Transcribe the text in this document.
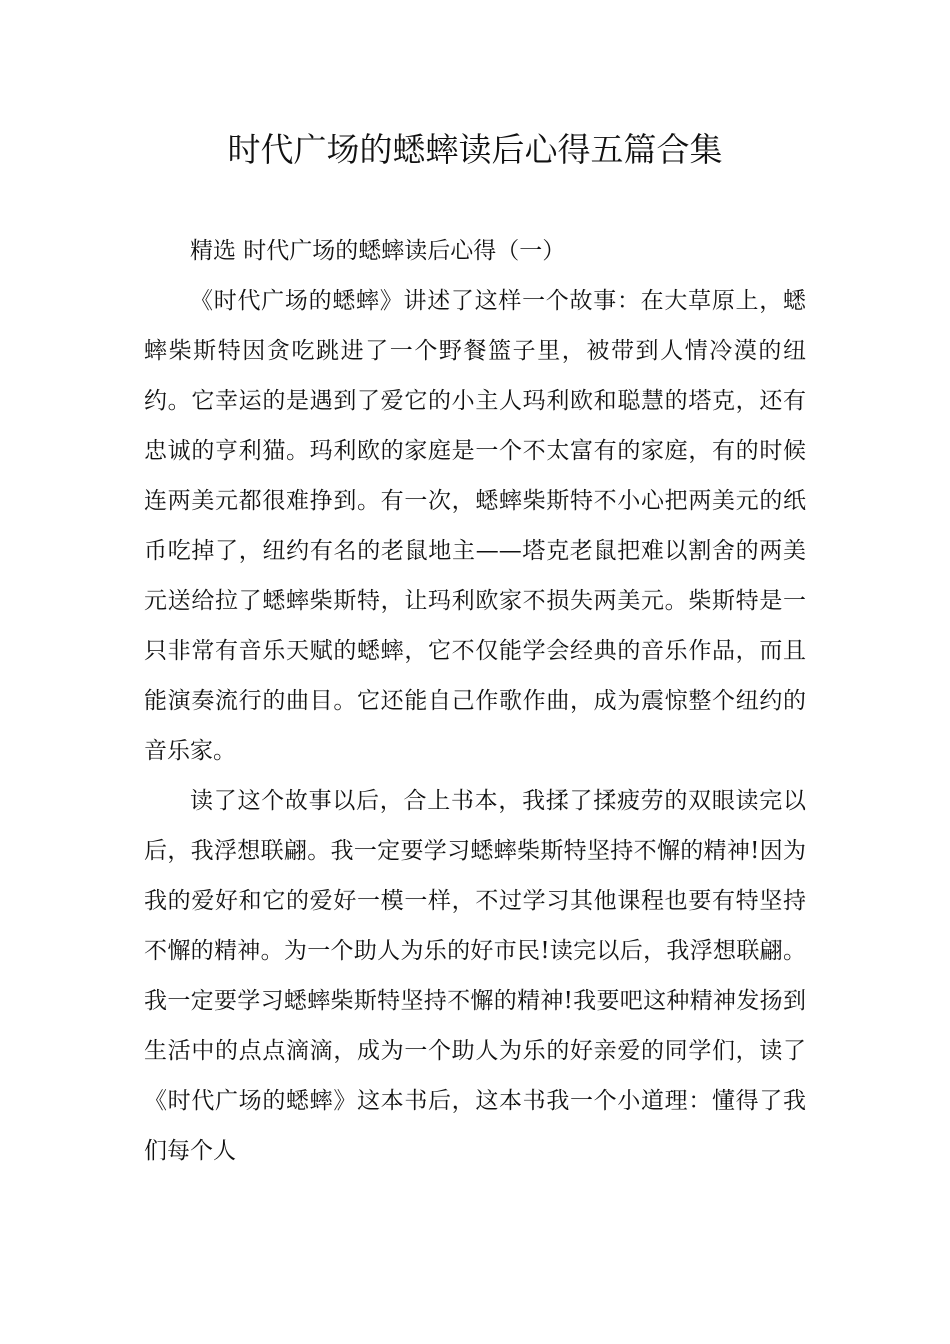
时代广场的蟋蟀读后心得五篇合集

精选 时代广场的蟋蟀读后心得（一）

《时代广场的蟋蟀》讲述了这样一个故事：在大草原上，蟋蟀柴斯特因贪吃跳进了一个野餐篮子里，被带到人情冷漠的纽约。它幸运的是遇到了爱它的小主人玛利欧和聪慧的塔克，还有忠诚的亨利猫。玛利欧的家庭是一个不太富有的家庭，有的时候连两美元都很难挣到。有一次，蟋蟀柴斯特不小心把两美元的纸币吃掉了，纽约有名的老鼠地主——塔克老鼠把难以割舍的两美元送给拉了蟋蟀柴斯特，让玛利欧家不损失两美元。柴斯特是一只非常有音乐天赋的蟋蟀，它不仅能学会经典的音乐作品，而且能演奏流行的曲目。它还能自己作歌作曲，成为震惊整个纽约的音乐家。

读了这个故事以后，合上书本，我揉了揉疲劳的双眼读完以后，我浮想联翩。我一定要学习蟋蟀柴斯特坚持不懈的精神!因为我的爱好和它的爱好一模一样，不过学习其他课程也要有特坚持不懈的精神。为一个助人为乐的好市民!读完以后，我浮想联翩。我一定要学习蟋蟀柴斯特坚持不懈的精神!我要吧这种精神发扬到生活中的点点滴滴，成为一个助人为乐的好亲爱的同学们，读了《时代广场的蟋蟀》这本书后，这本书我一个小道理：懂得了我们每个人
